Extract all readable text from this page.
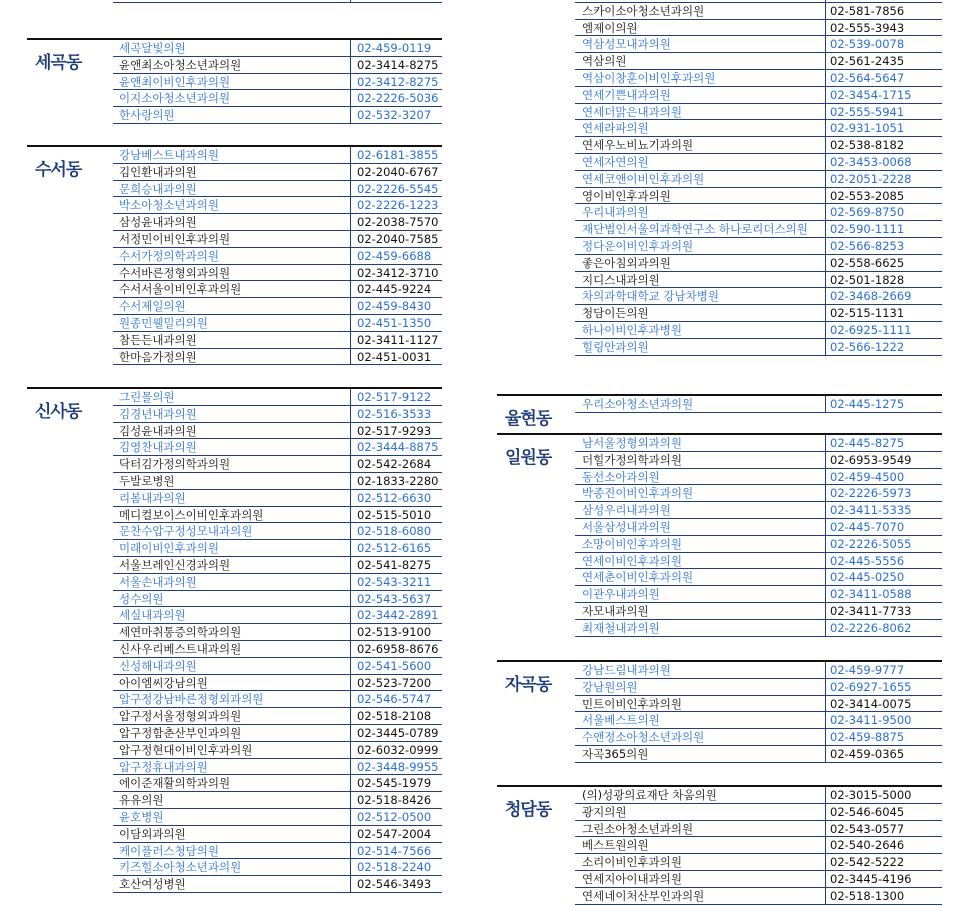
세곡동
세곡달빛의원	02-459-0119
윤앤최소아청소년과의원	02-3414-8275
윤앤최이비인후과의원	02-3412-8275
이지소아청소년과의원	02-2226-5036
한사랑의원	02-532-3207
수서동
강남베스트내과의원	02-6181-3855
김인환내과의원	02-2040-6767
문희승내과의원	02-2226-5545
박소아청소년과의원	02-2226-1223
삼성윤내과의원	02-2038-7570
서정민이비인후과의원	02-2040-7585
수서가정의학과의원	02-459-6688
수서바른정형외과의원	02-3412-3710
수서서울이비인후과의원	02-445-9224
수서제일의원	02-459-8430
원종민웰밀리의원	02-451-1350
참든든내과의원	02-3411-1127
한마음가정의원	02-451-0031
신사동
그린몰의원	02-517-9122
김경년내과의원	02-516-3533
김성윤내과의원	02-517-9293
김영찬내과의원	02-3444-8875
닥터김가정의학과의원	02-542-2684
두발로병원	02-1833-2280
리봄내과의원	02-512-6630
메디컬보이스이비인후과의원	02-515-5010
문찬수압구정성모내과의원	02-518-6080
미래이비인후과의원	02-512-6165
서울브레인신경과의원	02-541-8275
서울손내과의원	02-543-3211
성수의원	02-543-5637
세실내과의원	02-3442-2891
세연마취통증의학과의원	02-513-9100
신사우리베스트내과의원	02-6958-8676
신성해내과의원	02-541-5600
아이엠씨강남의원	02-523-7200
압구정강남바른정형외과의원	02-546-5747
압구정서울정형외과의원	02-518-2108
압구정함춘산부인과의원	02-3445-0789
압구정현대이비인후과의원	02-6032-0999
압구정휴내과의원	02-3448-9955
에이준재활의학과의원	02-545-1979
유유의원	02-518-8426
윤호병원	02-512-0500
이담외과의원	02-547-2004
케이플러스청담의원	02-514-7566
키즈힐소아청소년과의원	02-518-2240
호산여성병원	02-546-3493
스카이소아청소년과의원	02-581-7856
엠제이의원	02-555-3943
역삼성모내과의원	02-539-0078
역삼의원	02-561-2435
역삼이창훈이비인후과의원	02-564-5647
연세기쁜내과의원	02-3454-1715
연세더맑은내과의원	02-555-5941
연세라파의원	02-931-1051
연세우노비뇨기과의원	02-538-8182
연세자연의원	02-3453-0068
연세코앤이비인후과의원	02-2051-2228
영이비인후과의원	02-553-2085
우리내과의원	02-569-8750
재단법인서울의과학연구소 하나로리더스의원	02-590-1111
정다운이비인후과의원	02-566-8253
좋은아침외과의원	02-558-6625
지디스내과의원	02-501-1828
차의과학대학교 강남차병원	02-3468-2669
청담이든의원	02-515-1131
하나이비인후과병원	02-6925-1111
힐링안과의원	02-566-1222
율현동
우리소아청소년과의원	02-445-1275
일원동
남서울정형외과의원	02-445-8275
더힐가정의학과의원	02-6953-9549
동선소아과의원	02-459-4500
박종진이비인후과의원	02-2226-5973
삼성우리내과의원	02-3411-5335
서울삼성내과의원	02-445-7070
소망이비인후과의원	02-2226-5055
연세이비인후과의원	02-445-5556
연세춘이비인후과의원	02-445-0250
이관우내과의원	02-3411-0588
자모내과의원	02-3411-7733
최재철내과의원	02-2226-8062
자곡동
강남드림내과의원	02-459-9777
강남원의원	02-6927-1655
민트이비인후과의원	02-3414-0075
서울베스트의원	02-3411-9500
수앤정소아청소년과의원	02-459-8875
자곡365의원	02-459-0365
청담동
(의)성광의료재단 차움의원	02-3015-5000
광지의원	02-546-6045
그린소아청소년과의원	02-543-0577
베스트원의원	02-540-2646
소리이비인후과의원	02-542-5222
연세지아이내과의원	02-3445-4196
연세네이처산부인과의원	02-518-1300
